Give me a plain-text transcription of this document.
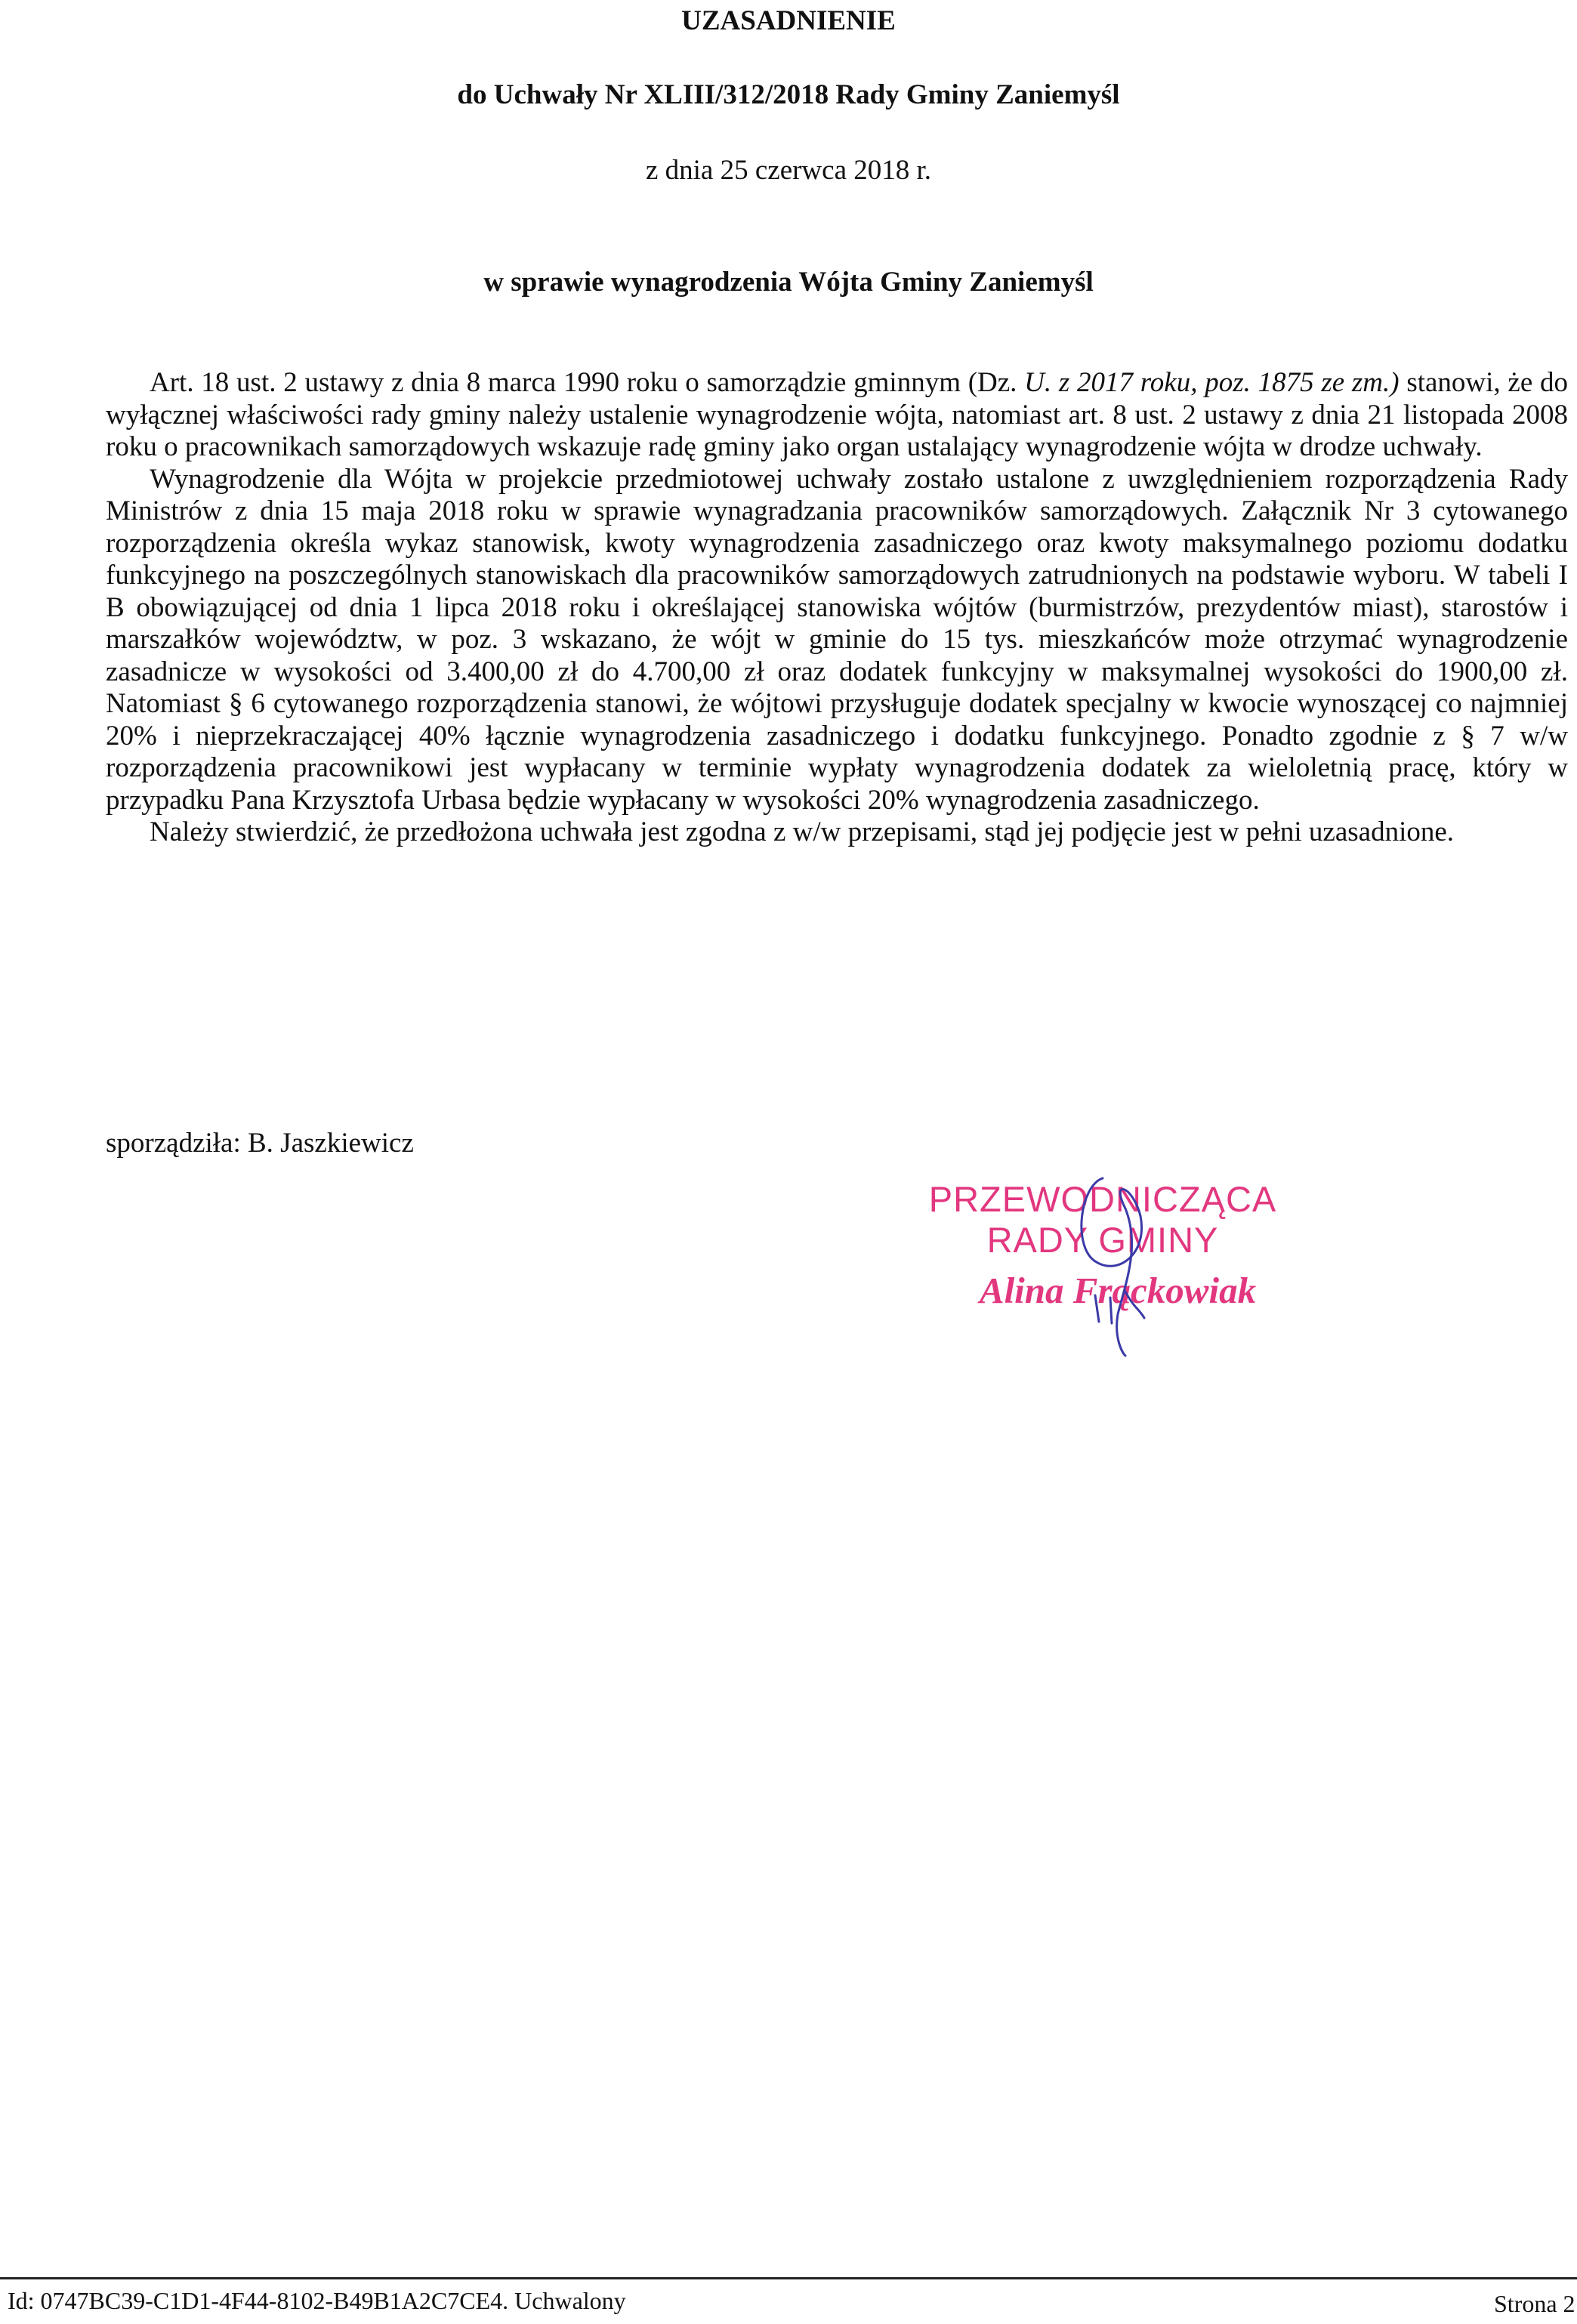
UZASADNIENIE

do Uchwały Nr XLIII/312/2018 Rady Gminy Zaniemyśl

z dnia 25 czerwca 2018 r.

w sprawie wynagrodzenia Wójta Gminy Zaniemyśl

Art. 18 ust. 2 ustawy z dnia 8 marca 1990 roku o samorządzie gminnym (Dz. U. z 2017 roku, poz. 1875 ze zm.) stanowi, że do wyłącznej właściwości rady gminy należy ustalenie wynagrodzenie wójta, natomiast art. 8 ust. 2 ustawy z dnia 21 listopada 2008 roku o pracownikach samorządowych wskazuje radę gminy jako organ ustalający wynagrodzenie wójta w drodze uchwały.

Wynagrodzenie dla Wójta w projekcie przedmiotowej uchwały zostało ustalone z uwzględnieniem rozporządzenia Rady Ministrów z dnia 15 maja 2018 roku w sprawie wynagradzania pracowników samorządowych. Załącznik Nr 3 cytowanego rozporządzenia określa wykaz stanowisk, kwoty wynagrodzenia zasadniczego oraz kwoty maksymalnego poziomu dodatku funkcyjnego na poszczególnych stanowiskach dla pracowników samorządowych zatrudnionych na podstawie wyboru. W tabeli I B obowiązującej od dnia 1 lipca 2018 roku i określającej stanowiska wójtów (burmistrzów, prezydentów miast), starostów i marszałków województw, w poz. 3 wskazano, że wójt w gminie do 15 tys. mieszkańców może otrzymać wynagrodzenie zasadnicze w wysokości od 3.400,00 zł do 4.700,00 zł oraz dodatek funkcyjny w maksymalnej wysokości do 1900,00 zł. Natomiast § 6 cytowanego rozporządzenia stanowi, że wójtowi przysługuje dodatek specjalny w kwocie wynoszącej co najmniej 20% i nieprzekraczającej 40% łącznie wynagrodzenia zasadniczego i dodatku funkcyjnego. Ponadto zgodnie z § 7 w/w rozporządzenia pracownikowi jest wypłacany w terminie wypłaty wynagrodzenia dodatek za wieloletnią pracę, który w przypadku Pana Krzysztofa Urbasa będzie wypłacany w wysokości 20% wynagrodzenia zasadniczego.

Należy stwierdzić, że przedłożona uchwała jest zgodna z w/w przepisami, stąd jej podjęcie jest w pełni uzasadnione.

sporządziła: B. Jaszkiewicz

PRZEWODNICZĄCA

RADY GMINY

Alina Frąckowiak

Id: 0747BC39-C1D1-4F44-8102-B49B1A2C7CE4. Uchwalony	Strona 2
